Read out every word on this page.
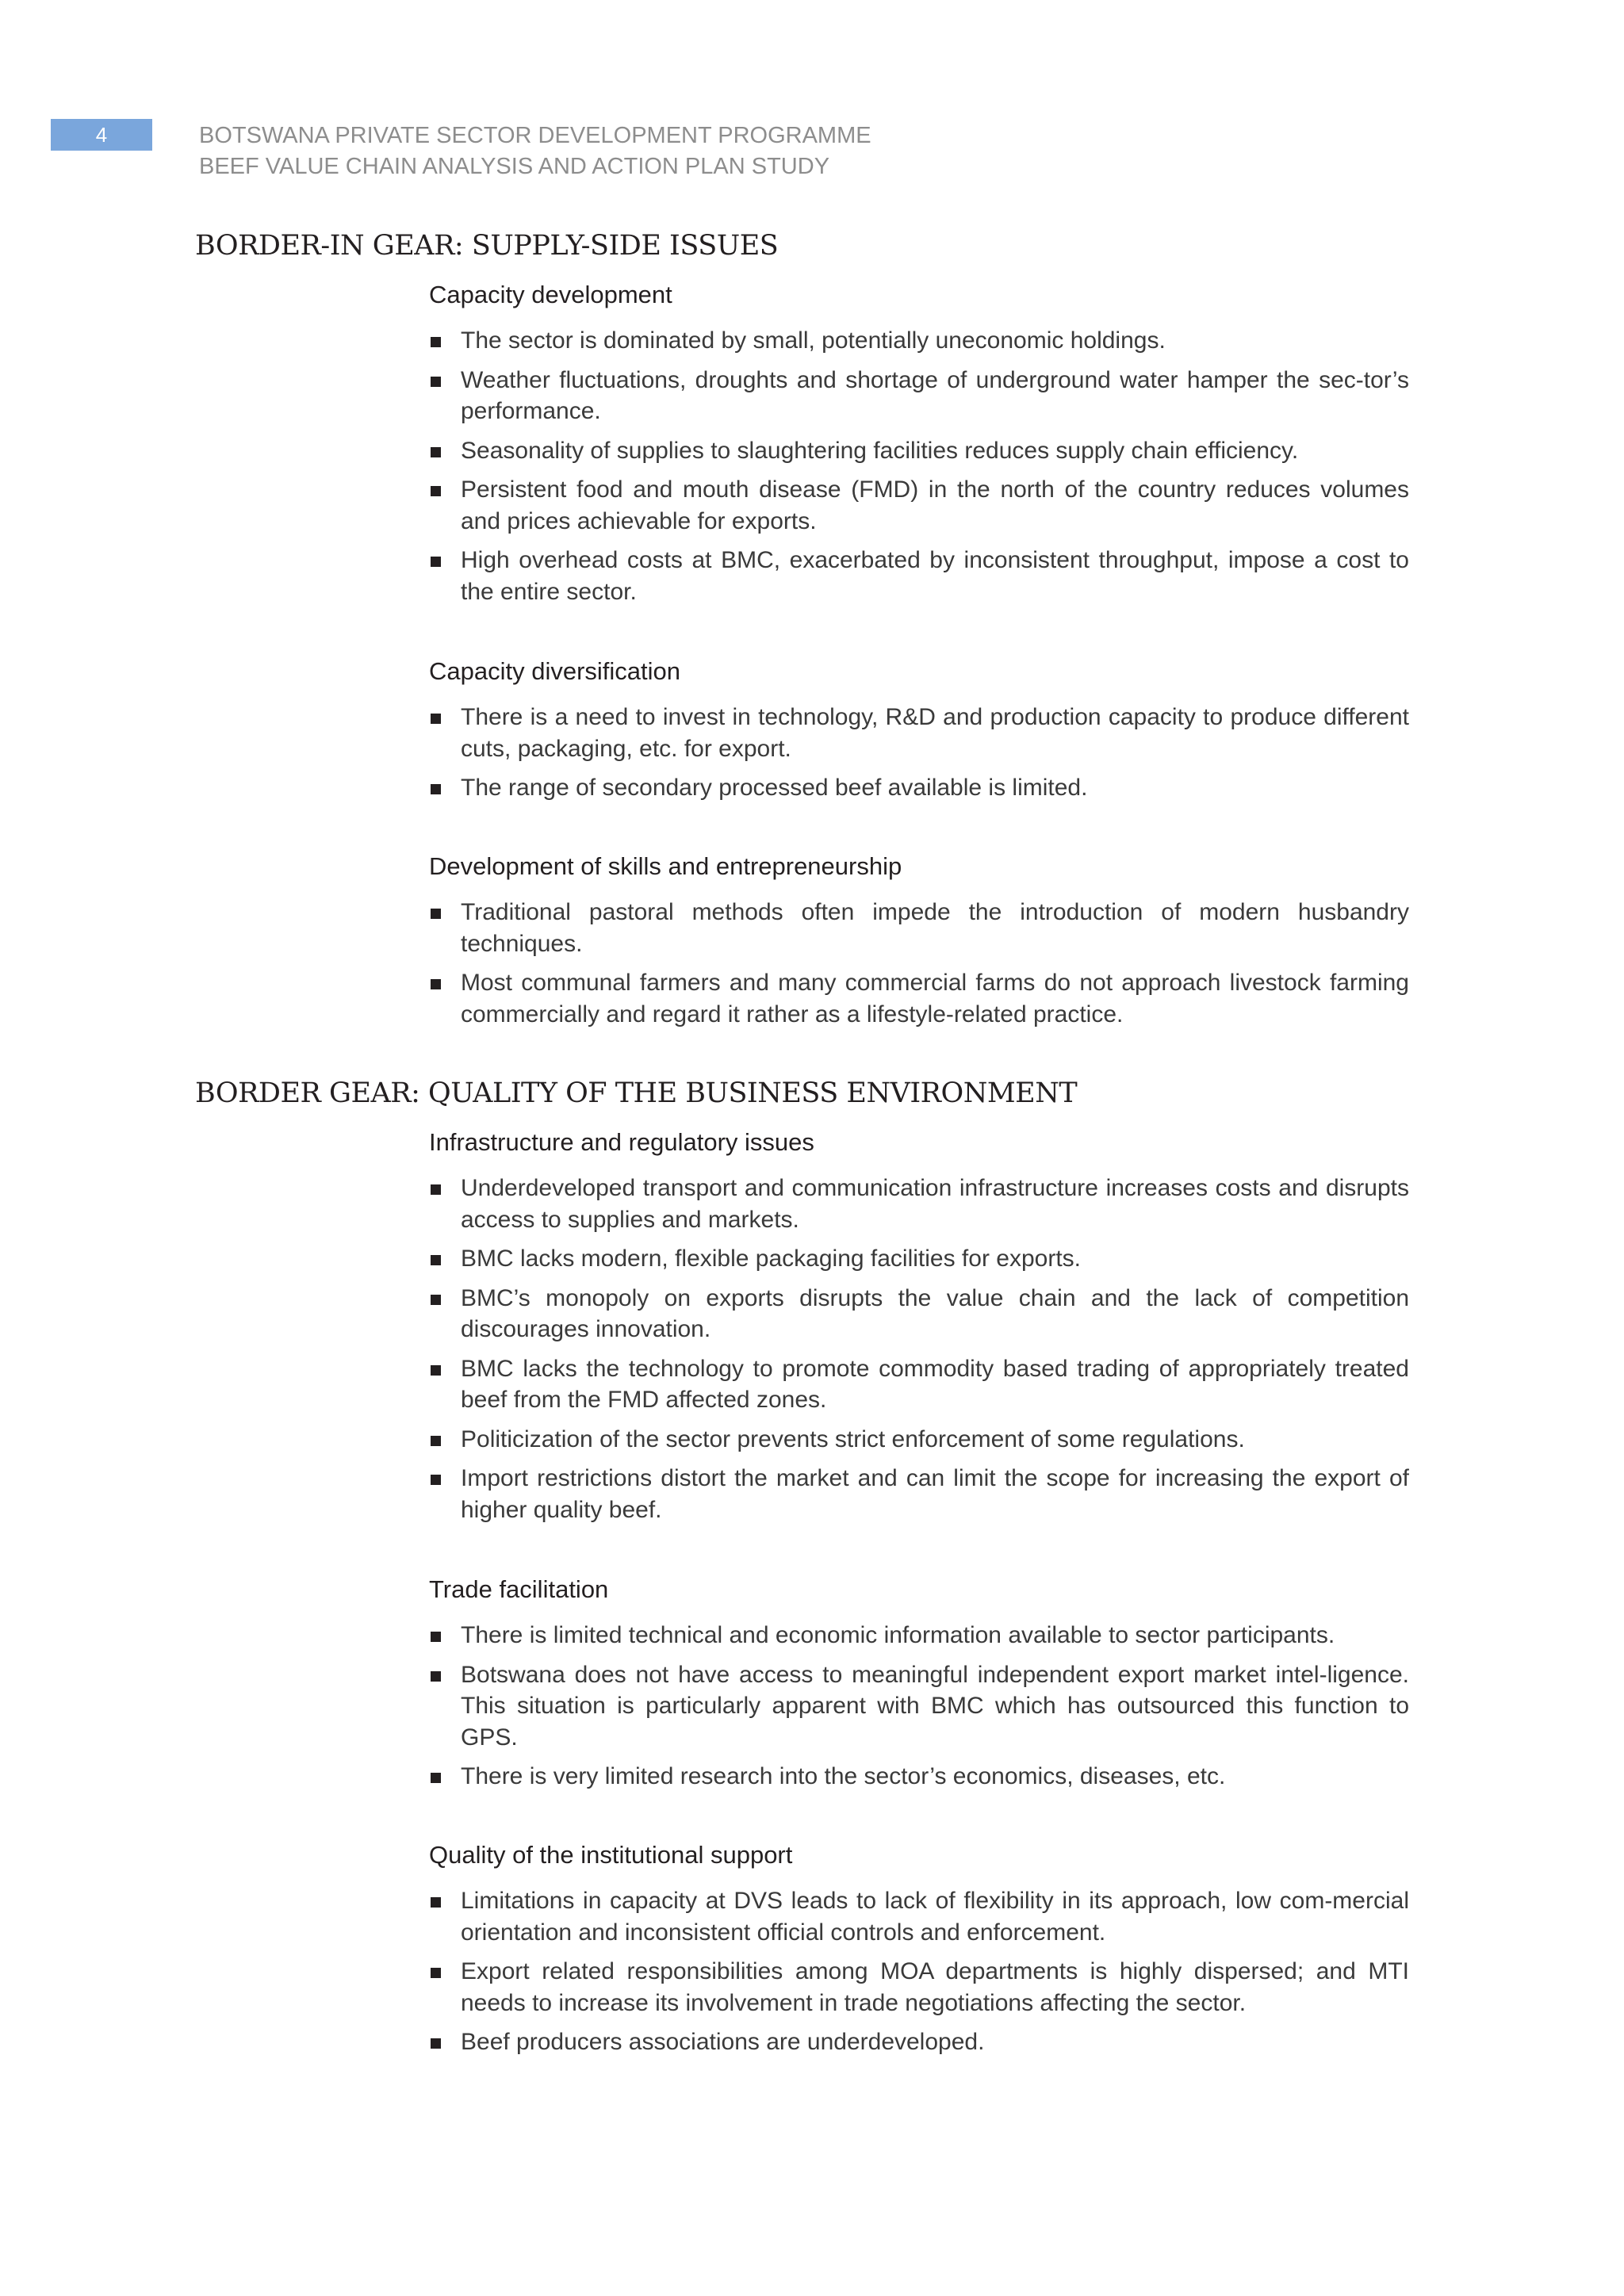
4	BOTSWANA PRIVATE SECTOR DEVELOPMENT PROGRAMME
BEEF VALUE CHAIN ANALYSIS AND ACTION PLAN STUDY
BORDER-IN GEAR: SUPPLY-SIDE ISSUES
Capacity development
The sector is dominated by small, potentially uneconomic holdings.
Weather fluctuations, droughts and shortage of underground water hamper the sec-tor’s performance.
Seasonality of supplies to slaughtering facilities reduces supply chain efficiency.
Persistent food and mouth disease (FMD) in the north of the country reduces volumes and prices achievable for exports.
High overhead costs at BMC, exacerbated by inconsistent throughput, impose a cost to the entire sector.
Capacity diversification
There is a need to invest in technology, R&D and production capacity to produce different cuts, packaging, etc. for export.
The range of secondary processed beef available is limited.
Development of skills and entrepreneurship
Traditional pastoral methods often impede the introduction of modern husbandry techniques.
Most communal farmers and many commercial farms do not approach livestock farming commercially and regard it rather as a lifestyle-related practice.
BORDER GEAR: QUALITY OF THE BUSINESS ENVIRONMENT
Infrastructure and regulatory issues
Underdeveloped transport and communication infrastructure increases costs and disrupts access to supplies and markets.
BMC lacks modern, flexible packaging facilities for exports.
BMC’s monopoly on exports disrupts the value chain and the lack of competition discourages innovation.
BMC lacks the technology to promote commodity based trading of appropriately treated beef from the FMD affected zones.
Politicization of the sector prevents strict enforcement of some regulations.
Import restrictions distort the market and can limit the scope for increasing the export of higher quality beef.
Trade facilitation
There is limited technical and economic information available to sector participants.
Botswana does not have access to meaningful independent export market intel-ligence. This situation is particularly apparent with BMC which has outsourced this function to GPS.
There is very limited research into the sector’s economics, diseases, etc.
Quality of the institutional support
Limitations in capacity at DVS leads to lack of flexibility in its approach, low com-mercial orientation and inconsistent official controls and enforcement.
Export related responsibilities among MOA departments is highly dispersed; and MTI needs to increase its involvement in trade negotiations affecting the sector.
Beef producers associations are underdeveloped.
